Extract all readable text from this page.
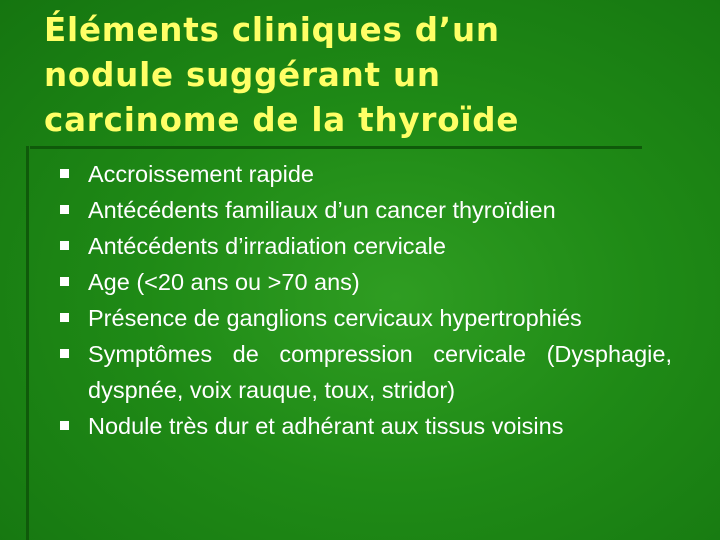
Éléments cliniques d’un
nodule suggérant un
carcinome de la thyroïde
Accroissement rapide
Antécédents familiaux d’un cancer thyroïdien
Antécédents d’irradiation cervicale
Age (<20 ans ou >70 ans)
Présence de ganglions cervicaux hypertrophiés
Symptômes de compression cervicale (Dysphagie, dyspnée, voix rauque, toux, stridor)
Nodule très dur et adhérant aux tissus voisins
